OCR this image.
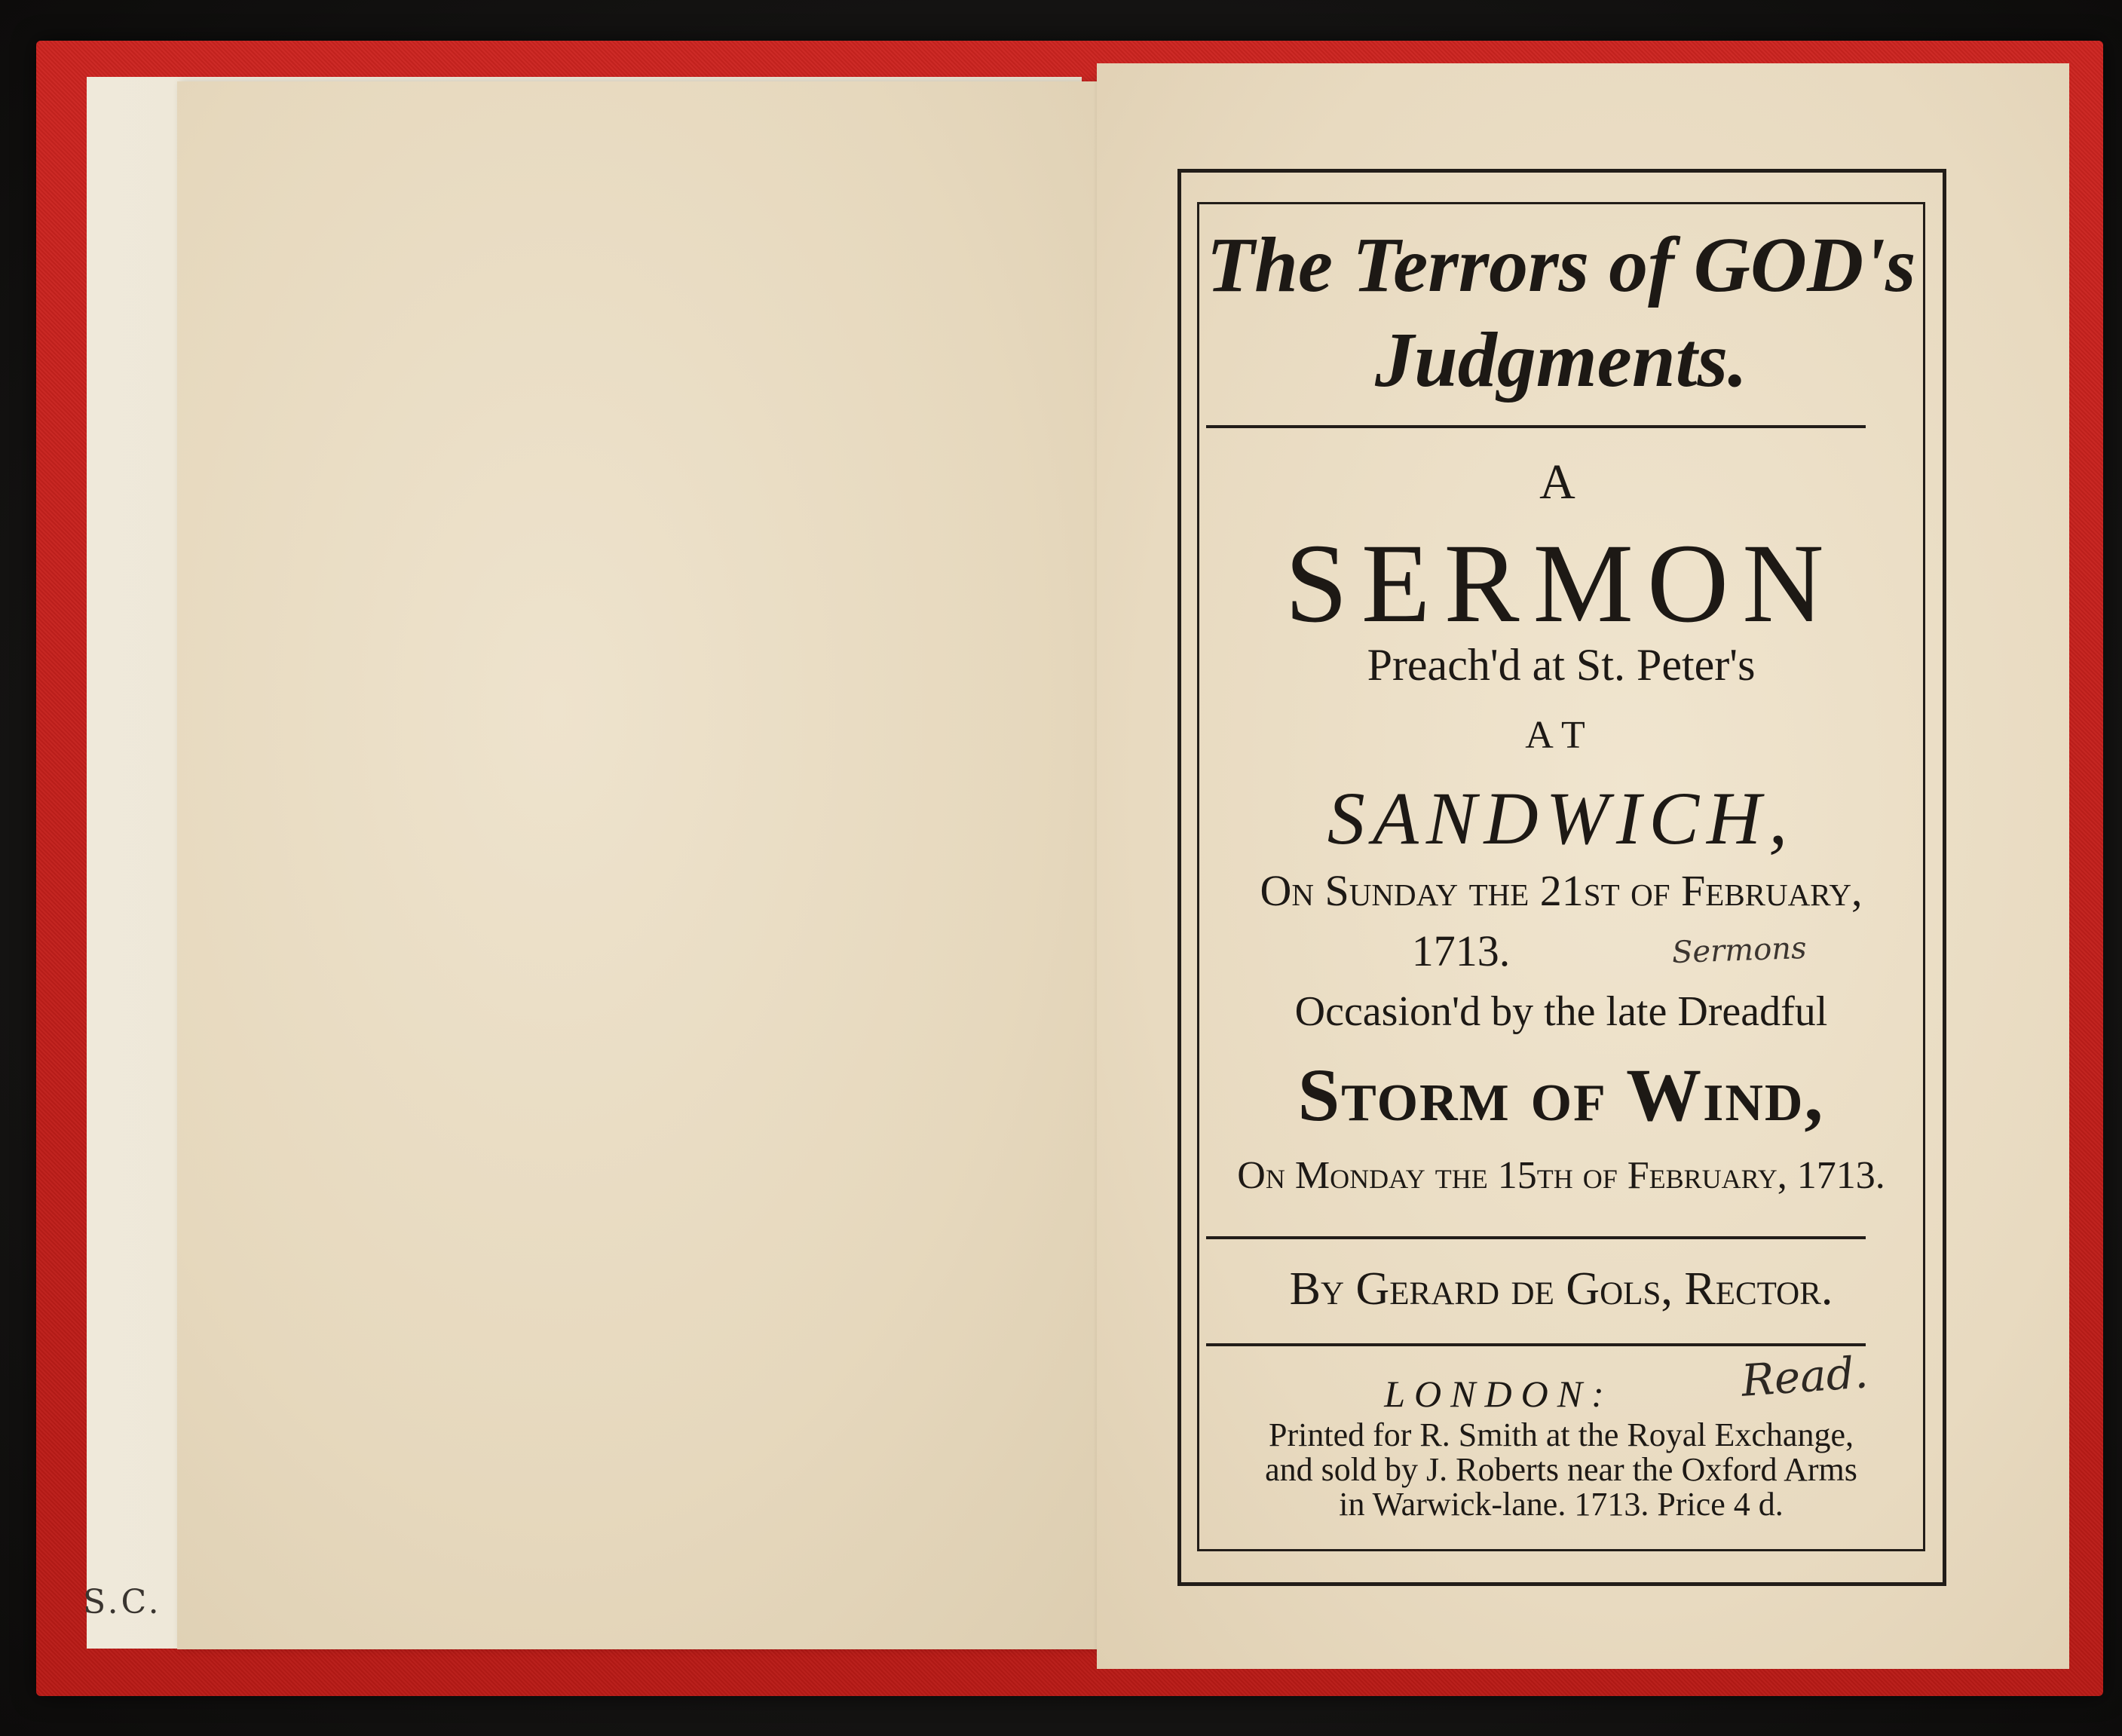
S.C.
The Terrors of GOD's
Judgments.
A
SERMON
Preach'd at St. Peter's
AT
SANDWICH,
On Sunday the 21st of February,
1713.	Sermons
Occasion'd by the late Dreadful
Storm of Wind,
On Monday the 15th of February, 1713.
By Gerard de Gols, Rector.
LONDON:	Read.
Printed for R. Smith at the Royal Exchange,
and sold by J. Roberts near the Oxford Arms
in Warwick-lane. 1713. Price 4 d.
